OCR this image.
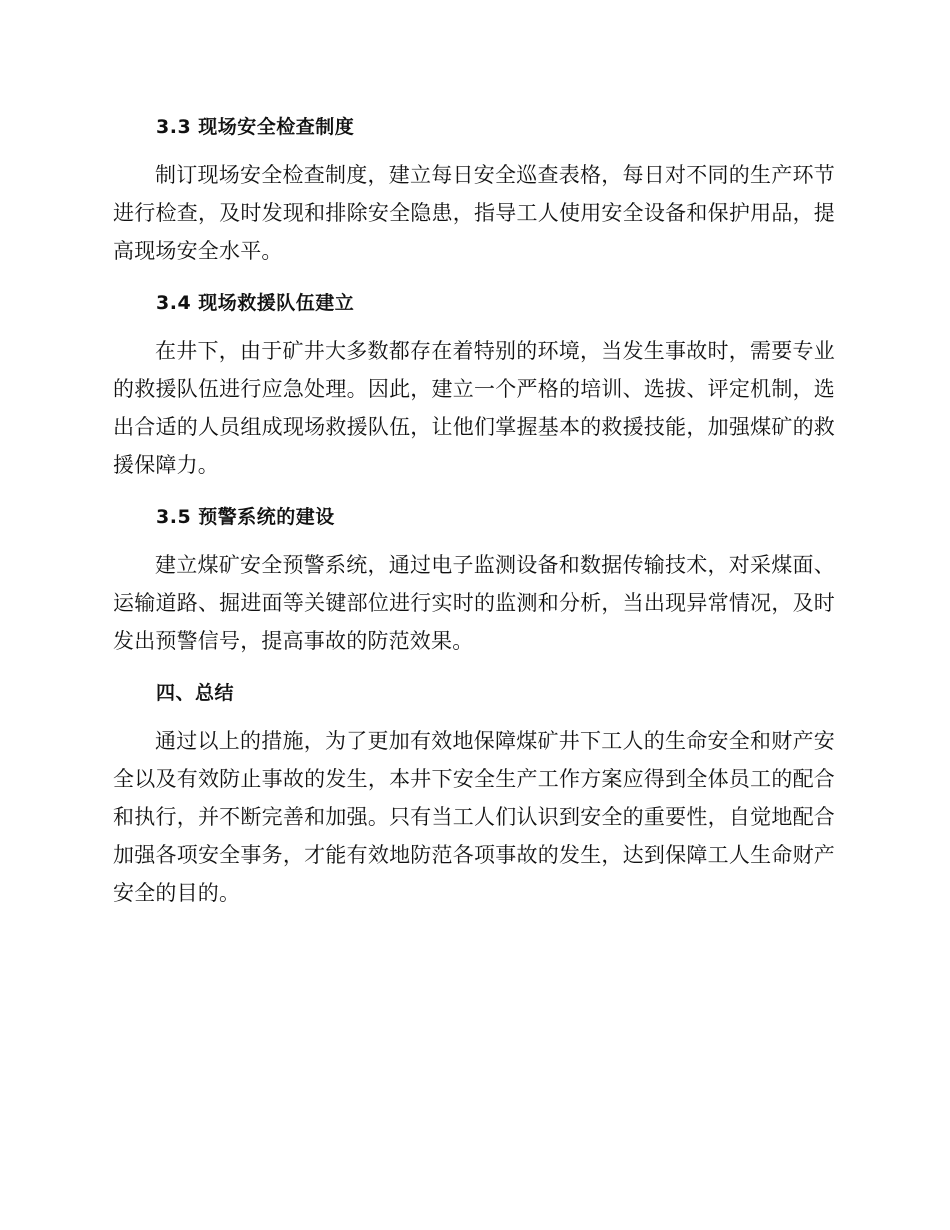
3.3 现场安全检查制度

制订现场安全检查制度，建立每日安全巡查表格，每日对不同的生产环节进行检查，及时发现和排除安全隐患，指导工人使用安全设备和保护用品，提高现场安全水平。

3.4 现场救援队伍建立

在井下，由于矿井大多数都存在着特别的环境，当发生事故时，需要专业的救援队伍进行应急处理。因此，建立一个严格的培训、选拔、评定机制，选出合适的人员组成现场救援队伍，让他们掌握基本的救援技能，加强煤矿的救援保障力。

3.5 预警系统的建设

建立煤矿安全预警系统，通过电子监测设备和数据传输技术，对采煤面、运输道路、掘进面等关键部位进行实时的监测和分析，当出现异常情况，及时发出预警信号，提高事故的防范效果。

四、总结

通过以上的措施，为了更加有效地保障煤矿井下工人的生命安全和财产安全以及有效防止事故的发生，本井下安全生产工作方案应得到全体员工的配合和执行，并不断完善和加强。只有当工人们认识到安全的重要性，自觉地配合加强各项安全事务，才能有效地防范各项事故的发生，达到保障工人生命财产安全的目的。
